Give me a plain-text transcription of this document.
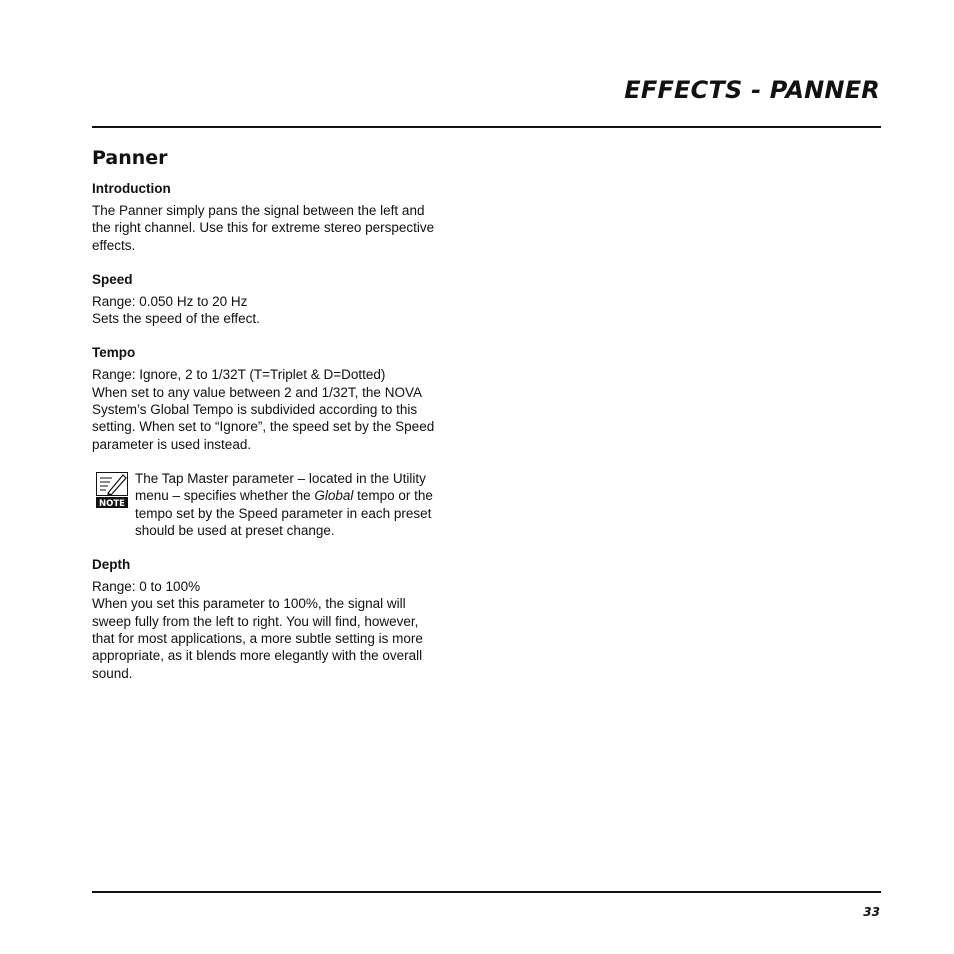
EFFECTS - PANNER
Panner
Introduction

The Panner simply pans the signal between the left and

the right channel. Use this for extreme stereo perspective

effects.

Speed

Range: 0.050 Hz to 20 Hz

Sets the speed of the effect.

Tempo

Range: Ignore, 2 to 1/32T (T=Triplet & D=Dotted)

When set to any value between 2 and 1/32T, the NOVA

System’s Global Tempo is subdivided according to this

setting. When set to “Ignore”, the speed set by the Speed

parameter is used instead.

NOTE

The Tap Master parameter – located in the Utility

menu – specifies whether the Global tempo or the

tempo set by the Speed parameter in each preset

should be used at preset change.

Depth

Range: 0 to 100%

When you set this parameter to 100%, the signal will

sweep fully from the left to right. You will find, however,

that for most applications, a more subtle setting is more

appropriate, as it blends more elegantly with the overall

sound.

33
